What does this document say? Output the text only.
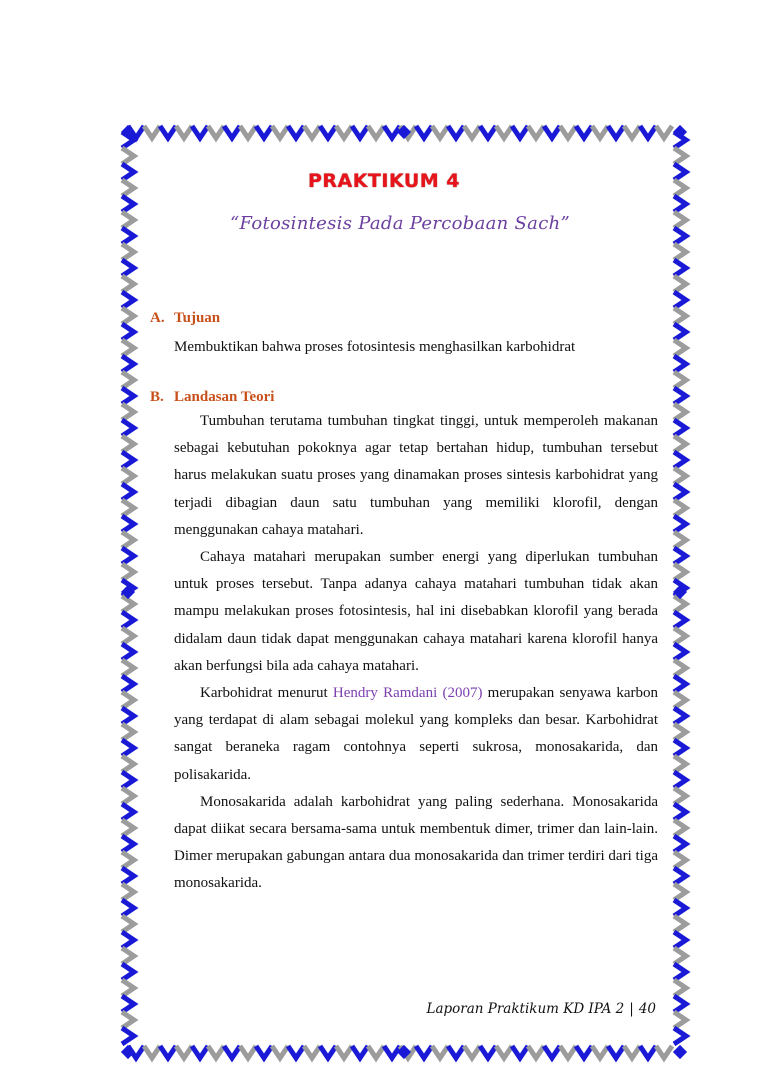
PRAKTIKUM 4
“Fotosintesis Pada Percobaan Sach”
A. Tujuan
Membuktikan bahwa proses fotosintesis menghasilkan karbohidrat
B. Landasan Teori

Tumbuhan terutama tumbuhan tingkat tinggi, untuk memperoleh makanan sebagai kebutuhan pokoknya agar tetap bertahan hidup, tumbuhan tersebut harus melakukan suatu proses yang dinamakan proses sintesis karbohidrat yang terjadi dibagian daun satu tumbuhan yang memiliki klorofil, dengan menggunakan cahaya matahari.

Cahaya matahari merupakan sumber energi yang diperlukan tumbuhan untuk proses tersebut. Tanpa adanya cahaya matahari tumbuhan tidak akan mampu melakukan proses fotosintesis, hal ini disebabkan klorofil yang berada didalam daun tidak dapat menggunakan cahaya matahari karena klorofil hanya akan berfungsi bila ada cahaya matahari.

Karbohidrat menurut Hendry Ramdani (2007) merupakan senyawa karbon yang terdapat di alam sebagai molekul yang kompleks dan besar. Karbohidrat sangat beraneka ragam contohnya seperti sukrosa, monosakarida, dan polisakarida.

Monosakarida adalah karbohidrat yang paling sederhana. Monosakarida dapat diikat secara bersama-sama untuk membentuk dimer, trimer dan lain-lain. Dimer merupakan gabungan antara dua monosakarida dan trimer terdiri dari tiga monosakarida.

Laporan Praktikum KD IPA 2 | 40
